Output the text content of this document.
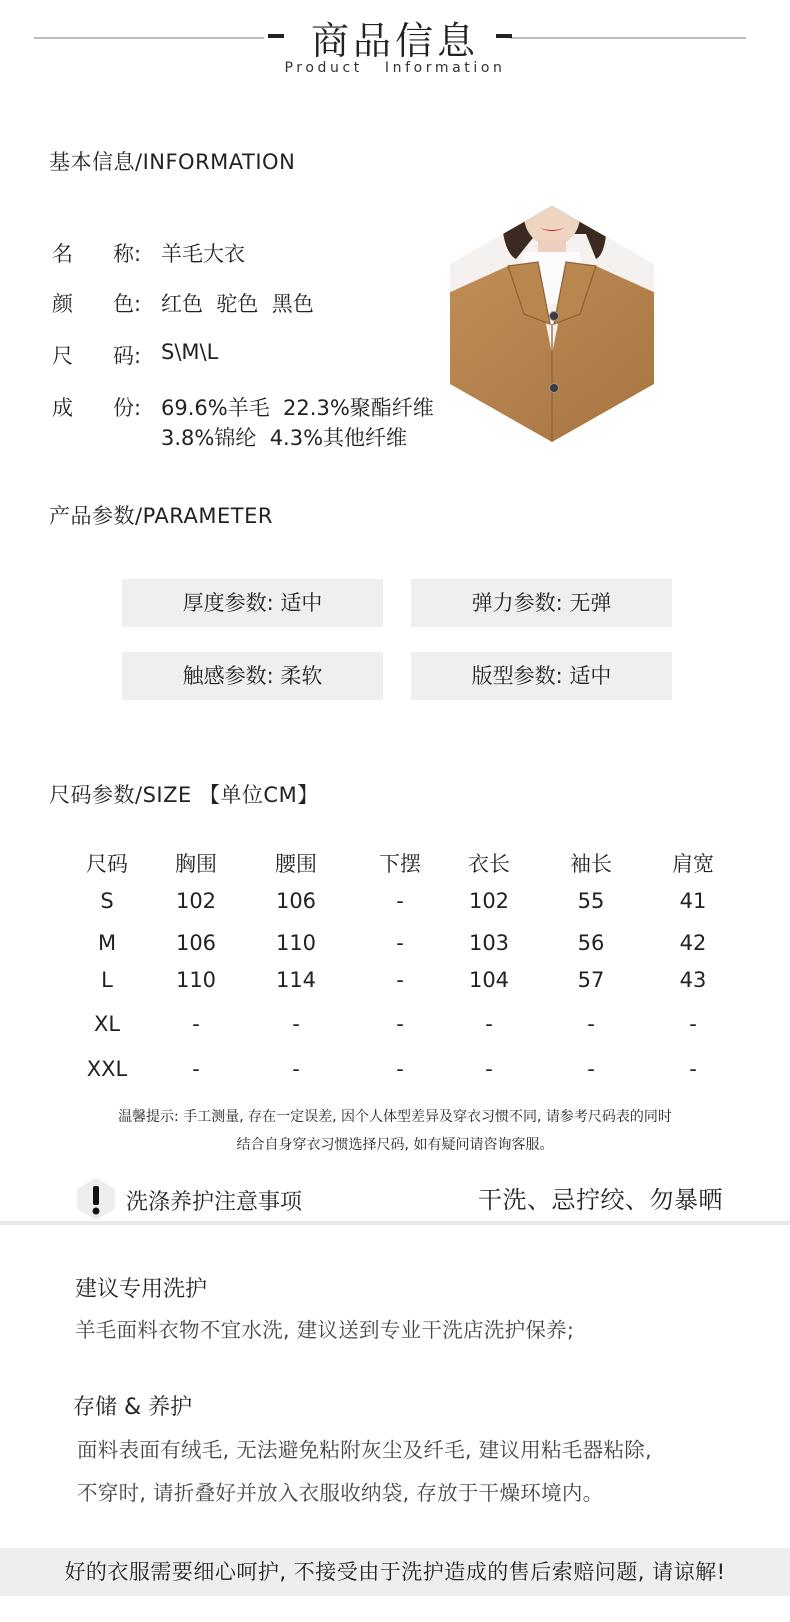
商品信息
Product Information
基本信息/INFORMATION
名 称: 羊毛大衣
颜 色: 红色  驼色  黑色
尺 码: S\M\L
成 份: 69.6%羊毛  22.3%聚酯纤维
3.8%锦纶  4.3%其他纤维
产品参数/PARAMETER
厚度参数: 适中	弹力参数: 无弹
触感参数: 柔软	版型参数: 适中
尺码参数/SIZE 【单位CM】
尺码	胸围	腰围	下摆	衣长	袖长	肩宽
S	102	106	-	102	55	41
M	106	110	-	103	56	42
L	110	114	-	104	57	43
XL	-	-	-	-	-	-
XXL	-	-	-	-	-	-
温馨提示: 手工测量, 存在一定误差, 因个人体型差异及穿衣习惯不同, 请参考尺码表的同时
结合自身穿衣习惯选择尺码, 如有疑问请咨询客服。
洗涤养护注意事项	干洗、忌拧绞、勿暴晒
建议专用洗护
羊毛面料衣物不宜水洗, 建议送到专业干洗店洗护保养;
存储 & 养护
面料表面有绒毛, 无法避免粘附灰尘及纤毛, 建议用粘毛器粘除,
不穿时, 请折叠好并放入衣服收纳袋, 存放于干燥环境内。
好的衣服需要细心呵护, 不接受由于洗护造成的售后索赔问题, 请谅解!
